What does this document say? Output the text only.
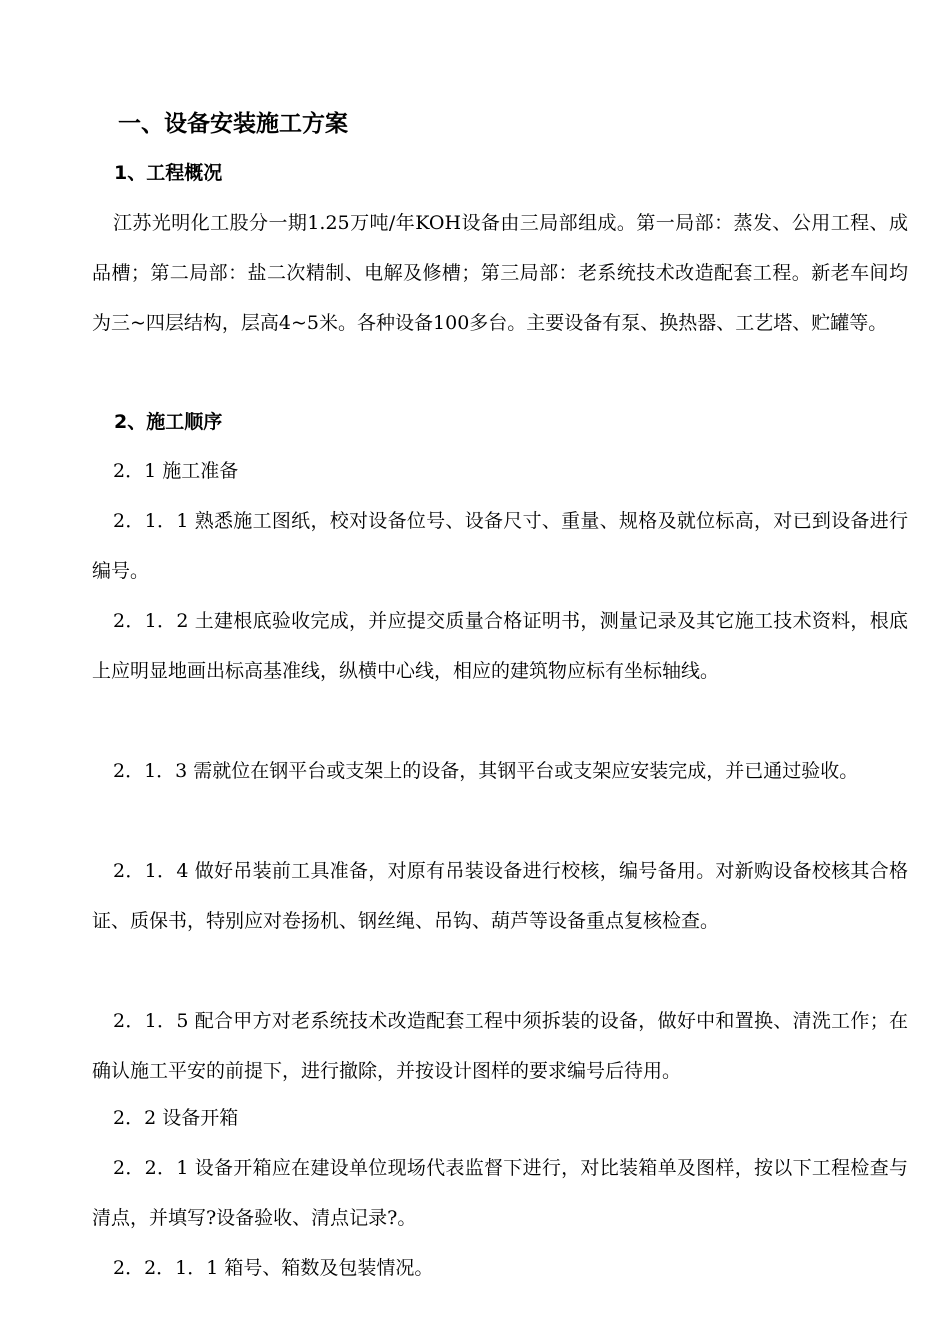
一、设备安装施工方案
1、工程概况

江苏光明化工股分一期1.25万吨/年KOH设备由三局部组成。第一局部：蒸发、公用工程、成品槽；第二局部：盐二次精制、电解及修槽；第三局部：老系统技术改造配套工程。新老车间均为三~四层结构，层高4~5米。各种设备100多台。主要设备有泵、换热器、工艺塔、贮罐等。

2、施工顺序
2．1 施工准备

2．1．1 熟悉施工图纸，校对设备位号、设备尺寸、重量、规格及就位标高，对已到设备进行编号。

2．1．2 土建根底验收完成，并应提交质量合格证明书，测量记录及其它施工技术资料，根底上应明显地画出标高基准线，纵横中心线，相应的建筑物应标有坐标轴线。

2．1．3 需就位在钢平台或支架上的设备，其钢平台或支架应安装完成，并已通过验收。

2．1．4 做好吊装前工具准备，对原有吊装设备进行校核，编号备用。对新购设备校核其合格证、质保书，特别应对卷扬机、钢丝绳、吊钩、葫芦等设备重点复核检查。

2．1．5 配合甲方对老系统技术改造配套工程中须拆装的设备，做好中和置换、清洗工作；在确认施工平安的前提下，进行撤除，并按设计图样的要求编号后待用。

2．2 设备开箱

2．2．1 设备开箱应在建设单位现场代表监督下进行，对比装箱单及图样，按以下工程检查与清点，并填写?设备验收、清点记录?。

2．2．1．1 箱号、箱数及包装情况。
